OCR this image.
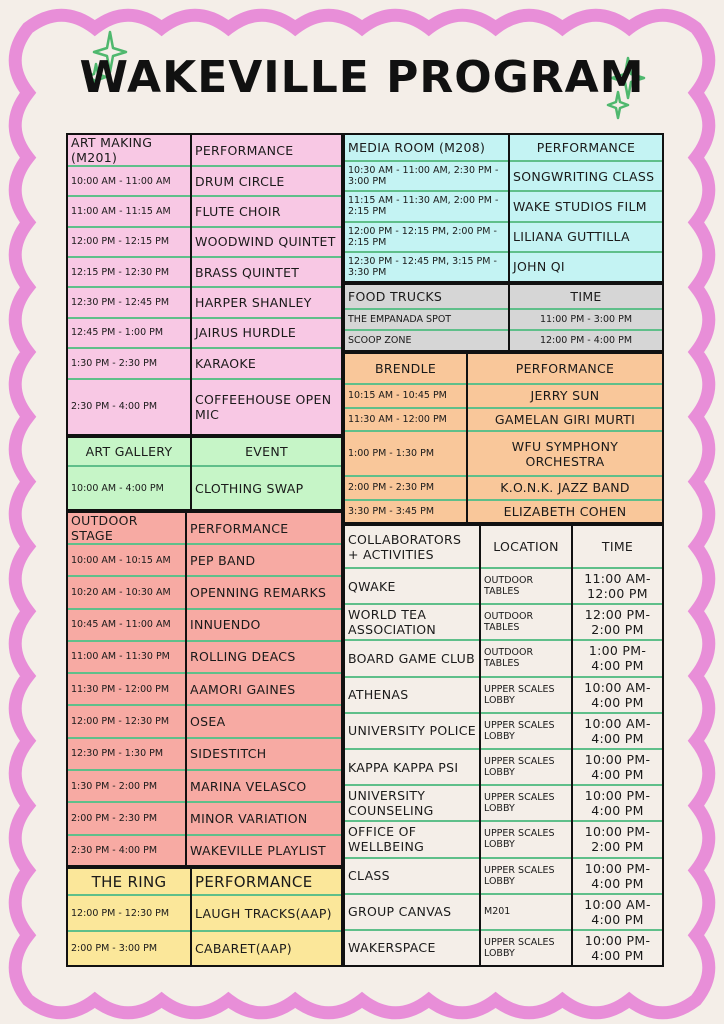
WAKEVILLE PROGRAM
ART MAKING (M201)	PERFORMANCE
10:00 AM - 11:00 AM	DRUM CIRCLE
11:00 AM - 11:15 AM	FLUTE CHOIR
12:00 PM - 12:15 PM	WOODWIND QUINTET
12:15 PM - 12:30 PM	BRASS QUINTET
12:30 PM - 12:45 PM	HARPER SHANLEY
12:45 PM - 1:00 PM	JAIRUS HURDLE
1:30 PM - 2:30 PM	KARAOKE
2:30 PM - 4:00 PM	COFFEEHOUSE OPEN MIC
ART GALLERY	EVENT
10:00 AM - 4:00 PM	CLOTHING SWAP
OUTDOOR STAGE	PERFORMANCE
10:00 AM - 10:15 AM	PEP BAND
10:20 AM - 10:30 AM	OPENNING REMARKS
10:45 AM - 11:00 AM	INNUENDO
11:00 AM - 11:30 PM	ROLLING DEACS
11:30 PM - 12:00 PM	AAMORI GAINES
12:00 PM - 12:30 PM	OSEA
12:30 PM - 1:30 PM	SIDESTITCH
1:30 PM - 2:00 PM	MARINA VELASCO
2:00 PM - 2:30 PM	MINOR VARIATION
2:30 PM - 4:00 PM	WAKEVILLE PLAYLIST
THE RING	PERFORMANCE
12:00 PM - 12:30 PM	LAUGH TRACKS(AAP)
2:00 PM - 3:00 PM	CABARET(AAP)
MEDIA ROOM (M208)	PERFORMANCE
10:30 AM - 11:00 AM, 2:30 PM - 3:00 PM	SONGWRITING CLASS
11:15 AM - 11:30 AM, 2:00 PM - 2:15 PM	WAKE STUDIOS FILM
12:00 PM - 12:15 PM, 2:00 PM - 2:15 PM	LILIANA GUTTILLA
12:30 PM - 12:45 PM, 3:15 PM - 3:30 PM	JOHN QI
FOOD TRUCKS	TIME
THE EMPANADA SPOT	11:00 PM - 3:00 PM
SCOOP ZONE	12:00 PM - 4:00 PM
BRENDLE	PERFORMANCE
10:15 AM - 10:45 PM	JERRY SUN
11:30 AM - 12:00 PM	GAMELAN GIRI MURTI
1:00 PM - 1:30 PM	WFU SYMPHONY ORCHESTRA
2:00 PM - 2:30 PM	K.O.N.K. JAZZ BAND
3:30 PM - 3:45 PM	ELIZABETH COHEN
COLLABORATORS + ACTIVITIES	LOCATION	TIME
QWAKE	OUTDOOR TABLES	11:00 AM-12:00 PM
WORLD TEA ASSOCIATION	OUTDOOR TABLES	12:00 PM-2:00 PM
BOARD GAME CLUB	OUTDOOR TABLES	1:00 PM-4:00 PM
ATHENAS	UPPER SCALES LOBBY	10:00 AM-4:00 PM
UNIVERSITY POLICE	UPPER SCALES LOBBY	10:00 AM-4:00 PM
KAPPA KAPPA PSI	UPPER SCALES LOBBY	10:00 PM-4:00 PM
UNIVERSITY COUNSELING	UPPER SCALES LOBBY	10:00 PM-4:00 PM
OFFICE OF WELLBEING	UPPER SCALES LOBBY	10:00 PM-2:00 PM
CLASS	UPPER SCALES LOBBY	10:00 PM-4:00 PM
GROUP CANVAS	M201	10:00 AM-4:00 PM
WAKERSPACE	UPPER SCALES LOBBY	10:00 PM-4:00 PM
